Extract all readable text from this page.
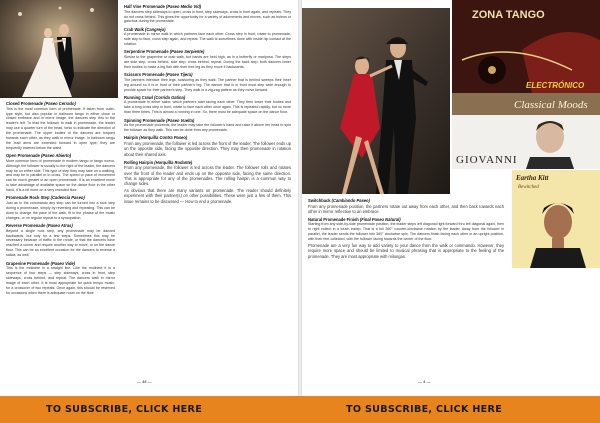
Closed Promenade (Paseo Cerrado)

This is the most common form of promenade. It taken from outer-type style, but also popular in ballroom tango in either close or closed embrace and in mirror image, the dancers step thru to the leader's left. To lead the follower to walk in promenade, the leader may use a quarter turn of the head, torso to indicate the direction of the promenade. The upper bodies of the dancers are torqued towards each other, as they walk in mirror image. In ballroom tango the lead arms are extended forward in open type; they are frequently lowered below the waist.

Open Promenade (Paseo Abierto)

More common form of promenade in modern tango or tango nuevo. Although the follower is usually to the right of the leader, the dancers may be on either side. This type of step they may take on a walking, and may be in parallel or in cross. The speed or pace of movement can be much greater in an open promenade. It is an excellent move to take advantage of available space on the dance floor in the other hand, it is a bit more on a very crowded floor.

Promenade Rock Step (Cadencia Paseo)

Just as in the commando any step can be turned into a rock step during a promenade, simply by reversing and repeating. This can be done to change the pace of the walk, fit in the phrase of the music changes, or on regular repeat to a syncopation.

Reverse Promenade (Paseo Atras)

Beyond a single rock step, any promenade may be danced backwards, but only for a few steps. Sometimes this may be necessary because of traffic in the ronde, or that the dancers have reached a corner and require another way to move, or on the dance floor. This can be an excellent occasion for the dancers to reverse a salida, as well.

Grapevine Promenade (Paseo Vide)

This is the molinete in a straight line. Like the molinete it is a sequence of four steps — step sideways, cross in front, step sideways, cross behind, and repeat. The dancers walk in mirror image of each other. It is most appropriate for quick tempo music, for a crossover of two repeats. Once again, this should be reserved for occasions when there is adequate room on the floor.

Half Vine Promenade (Paseo Medio Vid)

The dancers step sideways to open, cross in front, step sideways, cross in front again, and repeats. They do not cross behind. This gives the opportunity for a variety of adornments and moves, such as boleos or ganchos during the promenade.

Crab Walk (Cangrejo)

A promenade in mirror walk in which partners face each other. Cross step in front, rotate to promenade, side step to face, cross step again, and repeat. The walk is sometimes done with inside hip contact at the rotation.

Serpentine Promenade (Paseo Serpiente)

Similar to the grapevine or crab walk, but hands are held high, as in a butterfly or mariposa. The steps are side step, cross behind, side step, cross behind, repeat. During the back step, both dancers lower their bodies to make a leg flair with their free leg as they move it backwards.

Scissors Promenade (Paseo Tijera)

The partners interlace their legs, scissoring as they walk. The partner that is behind sweeps their inner leg around so it is in front of their partner's leg. The dancer that is in front must step wide enough to provide space for their partner's step. They walk in a zig-zag pattern as they move forward.

Running Crawl (Corrida Gatina)

A promenade in either sailor, which partners start facing each other. They then lower their bodies and take a long cross step in front, rotate to face each other once again. This is repeated rapidly, but no more than three times. This is almost a running in one. So, there must be adequate space on the dance floor.

Spinning Promenade (Paseo Vuelta)

As the promenade proceeds, the leader may take the follower's hand and raise it above her head to spin the follower as they walk. This can be done from any promenade.

Hairpin (Horquilla Contra Paseo)

From any promenade, the follower is led across the front of the leader. The follower ends up on the opposite side, facing the opposite direction. They may then promenade in rotation about their shared axis.

Rolling Hairpin (Horquilla Rodante)

From any promenade, the follower is led across the leader. The follower rolls and rotates over the front of the leader and ends up on the opposite side, facing the same direction. This is appropriate for any of the promenades. The rolling hairpin is a common way to change sides.

As obvious that there are many variants on promenade. The reader should definitely experiment with their partner(s) on other possibilities. These were just a few of them. This issue remains to be discussed — How to end a promenade.

— 46 —
ZONA TANGO
ELECTRÓNICO
Classical Moods
GIOVANNI
Eartha Kitt
Bewitched
Switchback (Cambiando Paseo)

From any promenade position, the partners rotate out away from each other, and then back towards each other in mirror reflection to an embrace.

Natural Promenade Finish (Final Paseo Natural)

Starting from any side-by-side promenade position, the leader steps left diagonal right forward thru left diagonal again, then to right collect in a touch instep. That is a full 360° counter-clockwise rotation by the leader. Away from the follower in parallel, the leader sends the follower into 360° clockwise spin. The dancers finish facing each other in an upright position, with their feet collected, with the follower facing towards the center of the floor.

Promenade are a very fun way to add variety to your dance from the walk or commando. However, they require more space and should be limited to musical phrasing that is appropriate to the feeling of the promenade. They are most appropriate with milongas.

— 4 —
TO SUBSCRIBE, CLICK HERE	TO SUBSCRIBE, CLICK HERE
